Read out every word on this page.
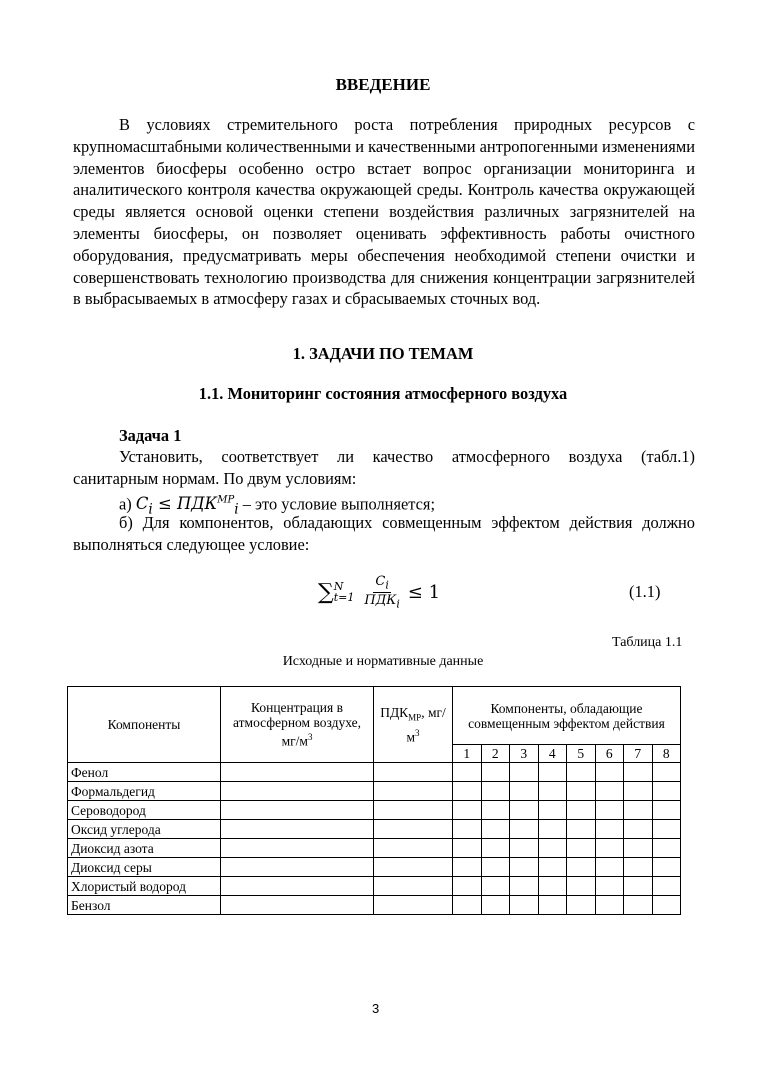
ВВЕДЕНИЕ

В условиях стремительного роста потребления природных ресурсов с крупномасштабными количественными и качественными антропогенными изменениями элементов биосферы особенно остро встает вопрос организации мониторинга и аналитического контроля качества окружающей среды. Контроль качества окружающей среды является основой оценки степени воздействия различных загрязнителей на элементы биосферы, он позволяет оценивать эффективность работы очистного оборудования, предусматривать меры обеспечения необходимой степени очистки и совершенствовать технологию производства для снижения концентрации загрязнителей в выбрасываемых в атмосферу газах и сбрасываемых сточных вод.

1. ЗАДАЧИ ПО ТЕМАМ
1.1. Мониторинг состояния атмосферного воздуха
Задача 1

Установить, соответствует ли качество атмосферного воздуха (табл.1) санитарным нормам. По двум условиям:

а) $C_i \le ПДК^{МР}_i$ – это условие выполняется;

б) Для компонентов, обладающих совмещенным эффектом действия должно выполняться следующее условие:

∑ N
$t=1 \frac{C_i}{ПДК_i} \le 1$	(1.1)
Таблица 1.1
Исходные и нормативные данные
Компоненты	Концентрация в атмосферном воздухе, $мг/м^3$	$ПДК_{МР}$, $мг/м^3$	Компоненты, обладающие совмещенным эффектом действия							
			1	2	3	4	5	6	7	8
Фенол										
Формальдегид										
Сероводород										
Оксид углерода										
Диоксид азота										
Диоксид серы										
Хлористый водород										
Бензол										
3
